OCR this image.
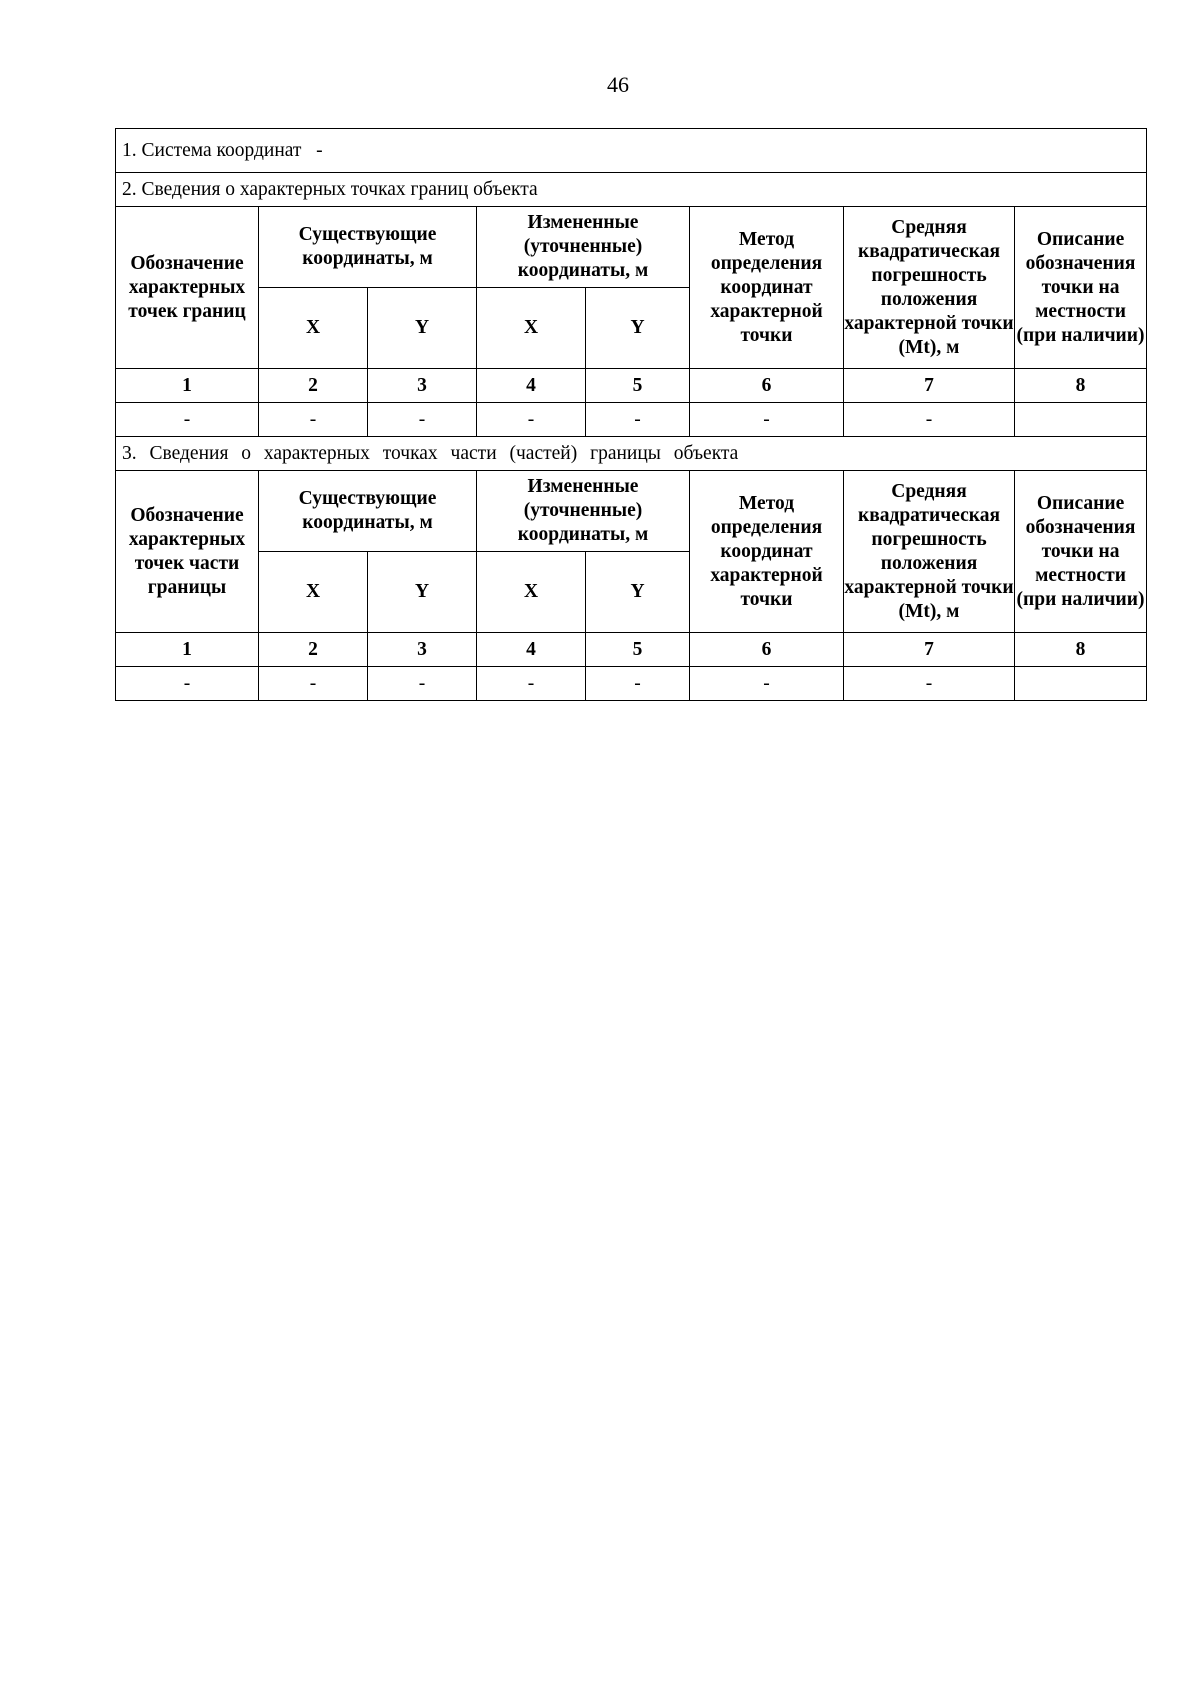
46
1. Система координат -							
2. Сведения о характерных точках границ объекта							
Обозначение характерных точек границ	Существующие координаты, м		Измененные (уточненные) координаты, м		Метод определения координат характерной точки	Средняя квадратическая погрешность положения характерной точки (Mt), м	Описание обозначения точки на местности (при наличии)
	X	Y	X	Y			
1	2	3	4	5	6	7	8
-	-	-	-	-	-	-	
3. Сведения о характерных точках части (частей) границы объекта							
Обозначение характерных точек части границы	Существующие координаты, м		Измененные (уточненные) координаты, м		Метод определения координат характерной точки	Средняя квадратическая погрешность положения характерной точки (Mt), м	Описание обозначения точки на местности (при наличии)
	X	Y	X	Y			
1	2	3	4	5	6	7	8
-	-	-	-	-	-	-	
